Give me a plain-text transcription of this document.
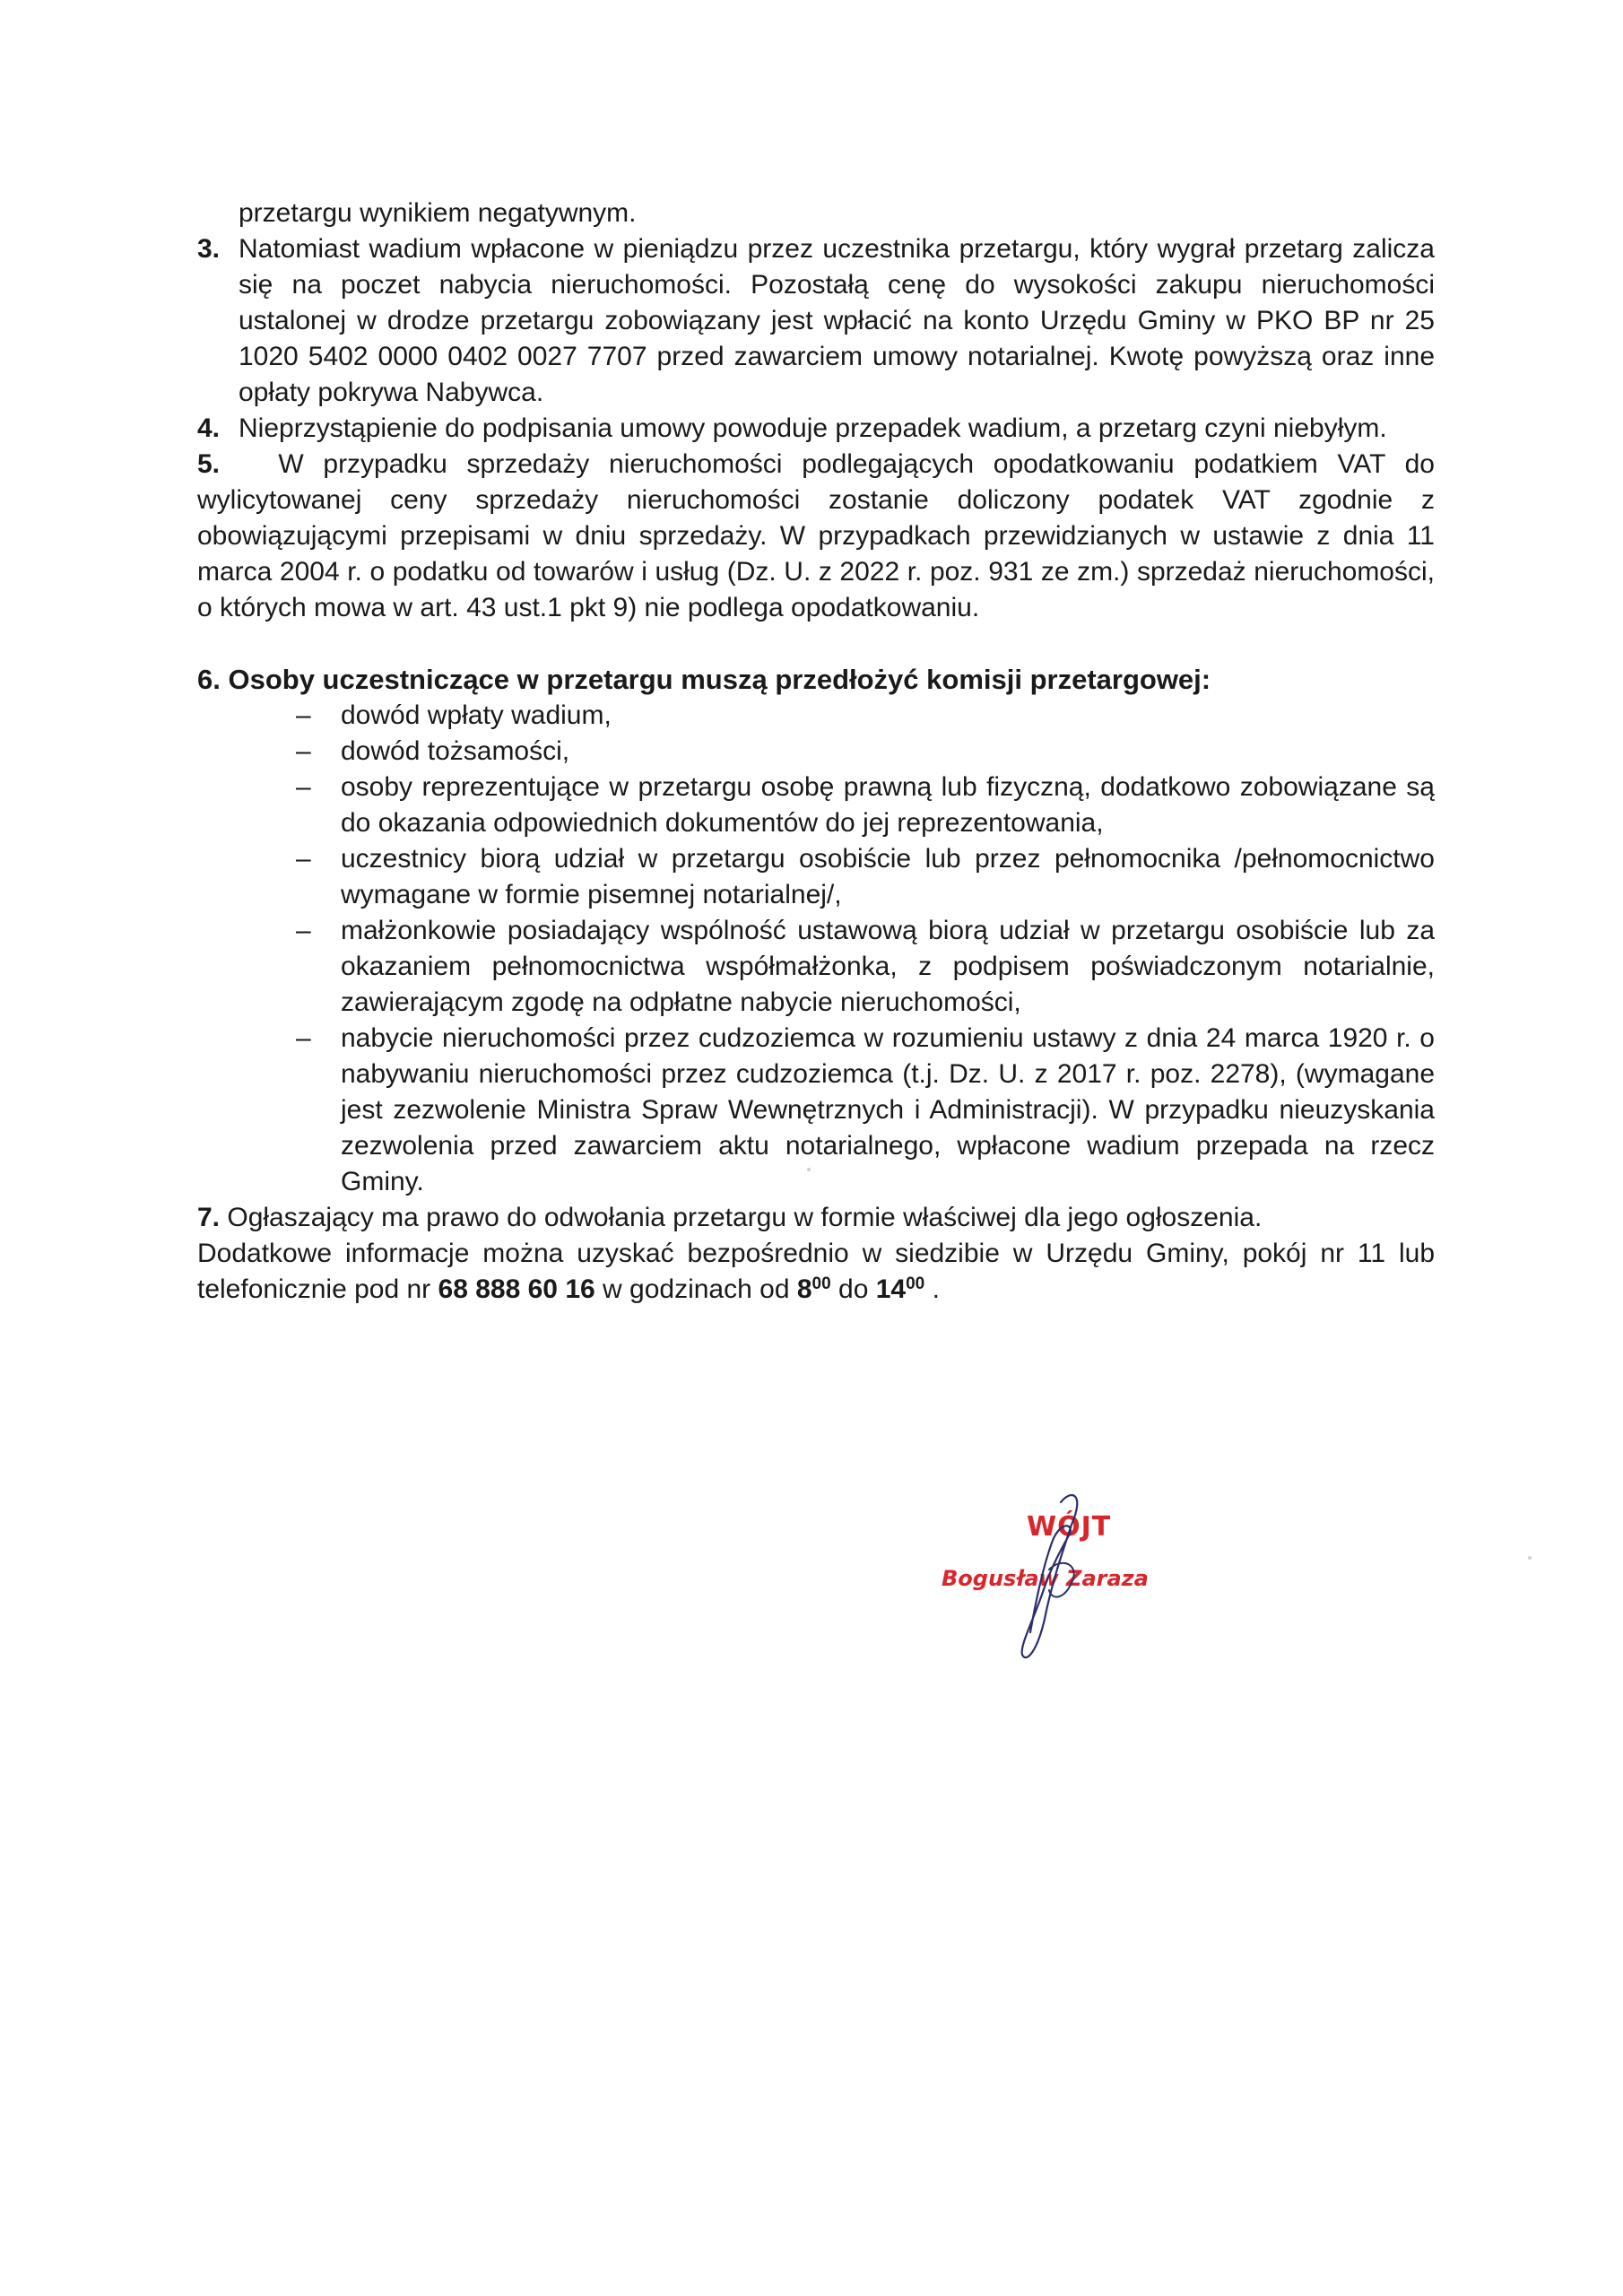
przetargu wynikiem negatywnym.

3. Natomiast wadium wpłacone w pieniądzu przez uczestnika przetargu, który wygrał przetarg zalicza się na poczet nabycia nieruchomości. Pozostałą cenę do wysokości zakupu nieruchomości ustalonej w drodze przetargu zobowiązany jest wpłacić na konto Urzędu Gminy w PKO BP nr 25 1020 5402 0000 0402 0027 7707 przed zawarciem umowy notarialnej. Kwotę powyższą oraz inne opłaty pokrywa Nabywca.

4. Nieprzystąpienie do podpisania umowy powoduje przepadek wadium, a przetarg czyni niebyłym.

5. W przypadku sprzedaży nieruchomości podlegających opodatkowaniu podatkiem VAT do wylicytowanej ceny sprzedaży nieruchomości zostanie doliczony podatek VAT zgodnie z obowiązującymi przepisami w dniu sprzedaży. W przypadkach przewidzianych w ustawie z dnia 11 marca 2004 r. o podatku od towarów i usług (Dz. U. z 2022 r. poz. 931 ze zm.) sprzedaż nieruchomości, o których mowa w art. 43 ust.1 pkt 9) nie podlega opodatkowaniu.

6. Osoby uczestniczące w przetargu muszą przedłożyć komisji przetargowej:

– dowód wpłaty wadium,

– dowód tożsamości,

– osoby reprezentujące w przetargu osobę prawną lub fizyczną, dodatkowo zobowiązane są do okazania odpowiednich dokumentów do jej reprezentowania,

– uczestnicy biorą udział w przetargu osobiście lub przez pełnomocnika /pełnomocnictwo wymagane w formie pisemnej notarialnej/,

– małżonkowie posiadający wspólność ustawową biorą udział w przetargu osobiście lub za okazaniem pełnomocnictwa współmałżonka, z podpisem poświadczonym notarialnie, zawierającym zgodę na odpłatne nabycie nieruchomości,

– nabycie nieruchomości przez cudzoziemca w rozumieniu ustawy z dnia 24 marca 1920 r. o nabywaniu nieruchomości przez cudzoziemca (t.j. Dz. U. z 2017 r. poz. 2278), (wymagane jest zezwolenie Ministra Spraw Wewnętrznych i Administracji). W przypadku nieuzyskania zezwolenia przed zawarciem aktu notarialnego, wpłacone wadium przepada na rzecz Gminy.

7. Ogłaszający ma prawo do odwołania przetargu w formie właściwej dla jego ogłoszenia.

Dodatkowe informacje można uzyskać bezpośrednio w siedzibie w Urzędu Gminy, pokój nr 11 lub telefonicznie pod nr 68 888 60 16 w godzinach od $8^{00}$ do $14^{00}$ .

WÓJT
Bogusław Zaraza
